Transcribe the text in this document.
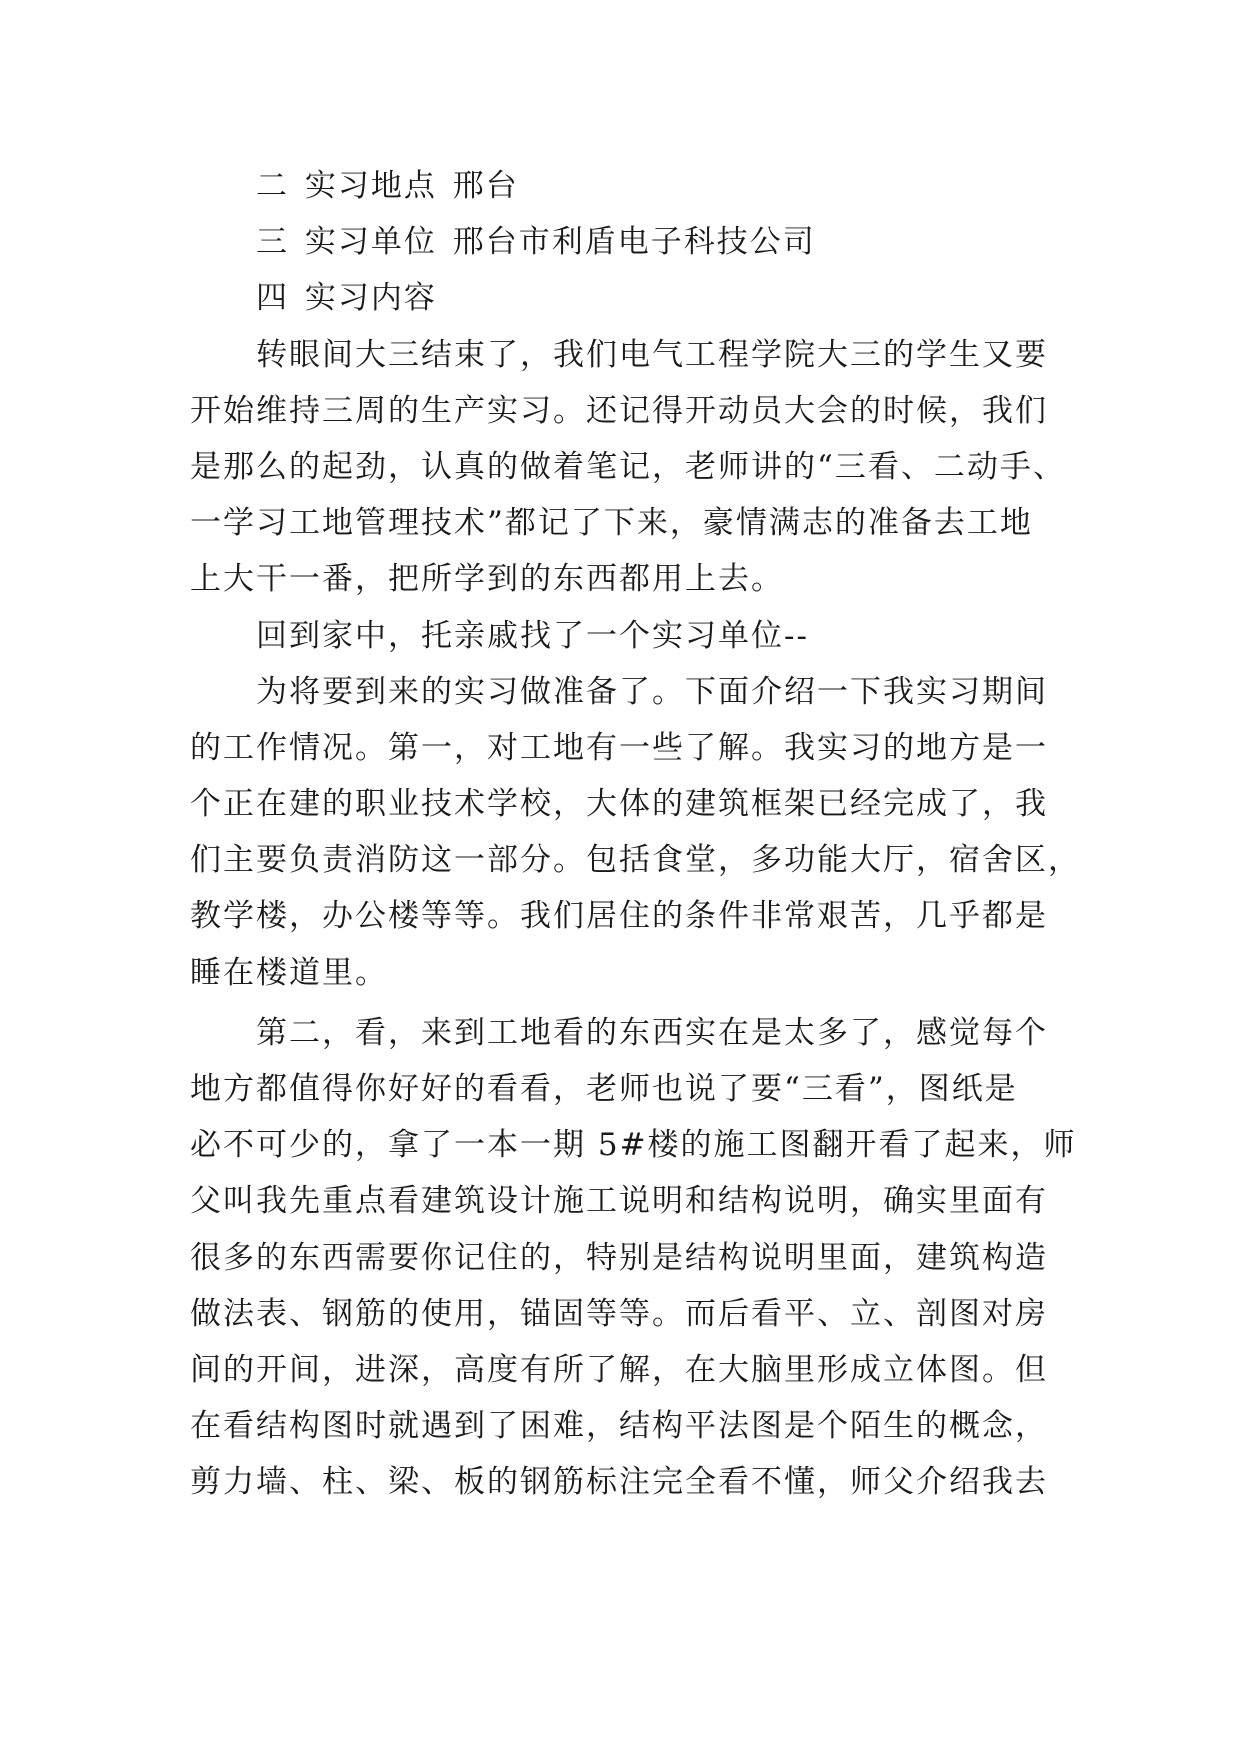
二 实习地点 邢台
三 实习单位 邢台市利盾电子科技公司
四 实习内容
转眼间大三结束了，我们电气工程学院大三的学生又要
开始维持三周的生产实习。还记得开动员大会的时候，我们
是那么的起劲，认真的做着笔记，老师讲的“三看、二动手、
一学习工地管理技术”都记了下来，豪情满志的准备去工地
上大干一番，把所学到的东西都用上去。
回到家中，托亲戚找了一个实习单位--
为将要到来的实习做准备了。下面介绍一下我实习期间
的工作情况。第一，对工地有一些了解。我实习的地方是一
个正在建的职业技术学校，大体的建筑框架已经完成了，我
们主要负责消防这一部分。包括食堂，多功能大厅，宿舍区，
教学楼，办公楼等等。我们居住的条件非常艰苦，几乎都是
睡在楼道里。
第二，看，来到工地看的东西实在是太多了，感觉每个
地方都值得你好好的看看，老师也说了要“三看”，图纸是
必不可少的，拿了一本一期 5#楼的施工图翻开看了起来，师
父叫我先重点看建筑设计施工说明和结构说明，确实里面有
很多的东西需要你记住的，特别是结构说明里面，建筑构造
做法表、钢筋的使用，锚固等等。而后看平、立、剖图对房
间的开间，进深，高度有所了解，在大脑里形成立体图。但
在看结构图时就遇到了困难，结构平法图是个陌生的概念，
剪力墙、柱、梁、板的钢筋标注完全看不懂，师父介绍我去
